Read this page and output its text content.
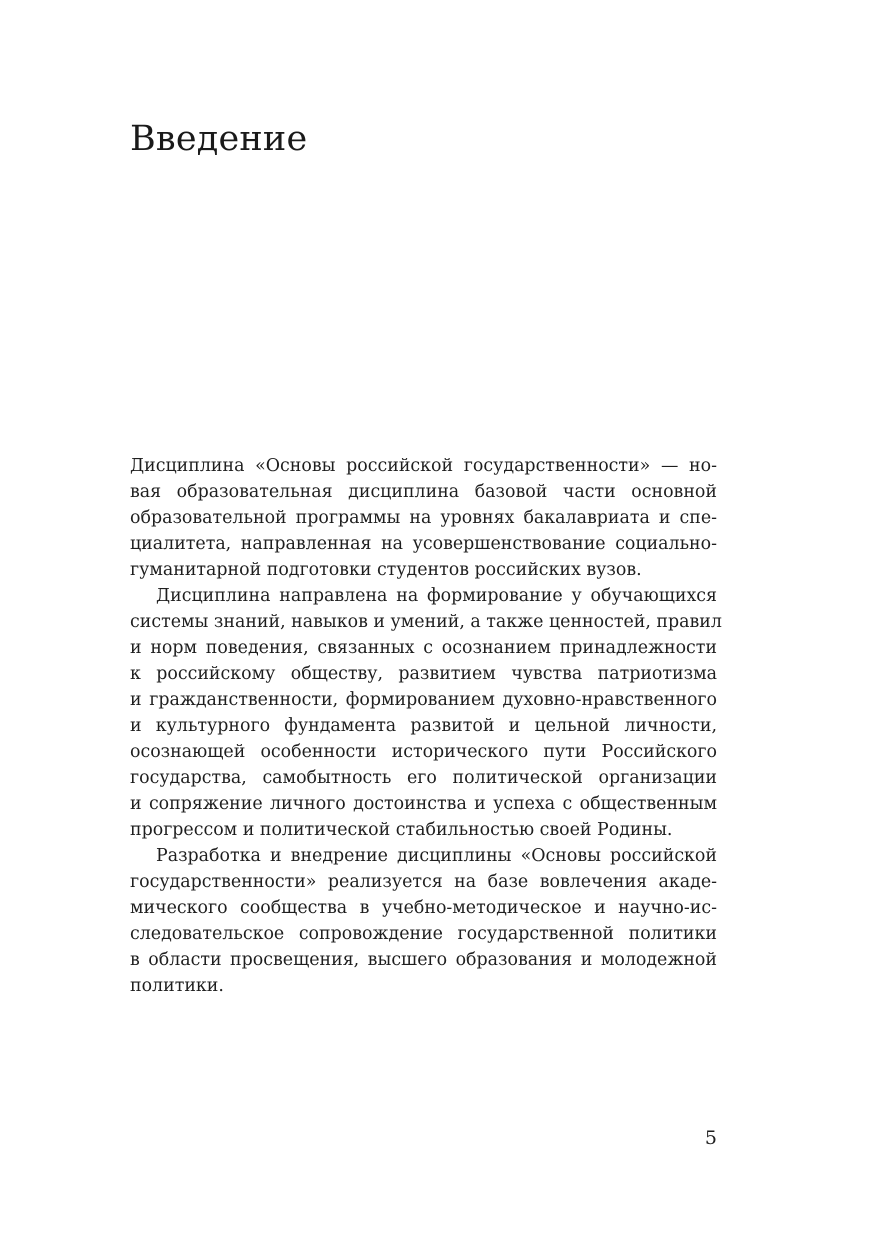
Введение
Дисциплина «Основы российской государственности» — но-
вая образовательная дисциплина базовой части основной
образовательной программы на уровнях бакалавриата и спе-
циалитета, направленная на усовершенствование социально-
гуманитарной подготовки студентов российских вузов.
Дисциплина направлена на формирование у обучающихся
системы знаний, навыков и умений, а также ценностей, правил
и норм поведения, связанных с осознанием принадлежности
к российскому обществу, развитием чувства патриотизма
и гражданственности, формированием духовно-нравственного
и культурного фундамента развитой и цельной личности,
осознающей особенности исторического пути Российского
государства, самобытность его политической организации
и сопряжение личного достоинства и успеха с общественным
прогрессом и политической стабильностью своей Родины.
Разработка и внедрение дисциплины «Основы российской
государственности» реализуется на базе вовлечения акаде-
мического сообщества в учебно-методическое и научно-ис-
следовательское сопровождение государственной политики
в области просвещения, высшего образования и молодежной
политики.
5
